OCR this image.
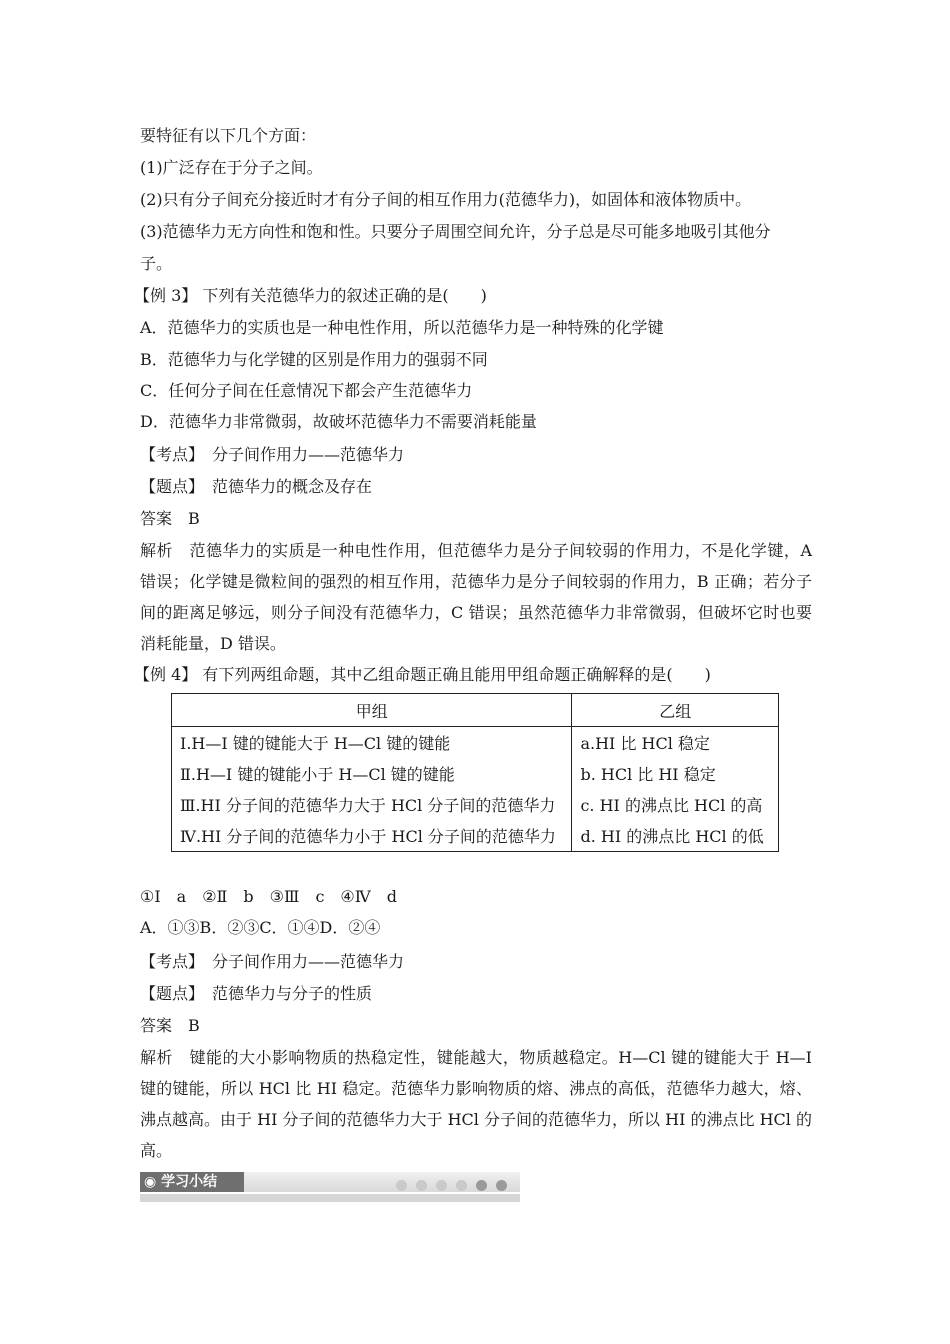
要特征有以下几个方面：
(1)广泛存在于分子之间。
(2)只有分子间充分接近时才有分子间的相互作用力(范德华力)，如固体和液体物质中。
(3)范德华力无方向性和饱和性。只要分子周围空间允许，分子总是尽可能多地吸引其他分
子。
【例 3】 下列有关范德华力的叙述正确的是(　　)
A．范德华力的实质也是一种电性作用，所以范德华力是一种特殊的化学键
B．范德华力与化学键的区别是作用力的强弱不同
C．任何分子间在任意情况下都会产生范德华力
D．范德华力非常微弱，故破坏范德华力不需要消耗能量
【考点】　分子间作用力——范德华力
【题点】　范德华力的概念及存在
答案　B
解析　范德华力的实质是一种电性作用，但范德华力是分子间较弱的作用力，不是化学键，A 错误；化学键是微粒间的强烈的相互作用，范德华力是分子间较弱的作用力，B 正确；若分子间的距离足够远，则分子间没有范德华力，C 错误；虽然范德华力非常微弱，但破坏它时也要消耗能量，D 错误。
【例 4】 有下列两组命题，其中乙组命题正确且能用甲组命题正确解释的是(　　)
甲组	乙组
Ⅰ.H—I 键的键能大于 H—Cl 键的键能	a.HI 比 HCl 稳定
Ⅱ.H—I 键的键能小于 H—Cl 键的键能	b. HCl 比 HI 稳定
Ⅲ.HI 分子间的范德华力大于 HCl 分子间的范德华力	c. HI 的沸点比 HCl 的高
Ⅳ.HI 分子间的范德华力小于 HCl 分子间的范德华力	d. HI 的沸点比 HCl 的低
①Ⅰ　a　②Ⅱ　b　③Ⅲ　c　④Ⅳ　d
A．①③B．②③C．①④D．②④
【考点】　分子间作用力——范德华力
【题点】　范德华力与分子的性质
答案　B
解析　键能的大小影响物质的热稳定性，键能越大，物质越稳定。H—Cl 键的键能大于 H—I 键的键能，所以 HCl 比 HI 稳定。范德华力影响物质的熔、沸点的高低，范德华力越大，熔、沸点越高。由于 HI 分子间的范德华力大于 HCl 分子间的范德华力，所以 HI 的沸点比 HCl 的高。
◉ 学习小结
